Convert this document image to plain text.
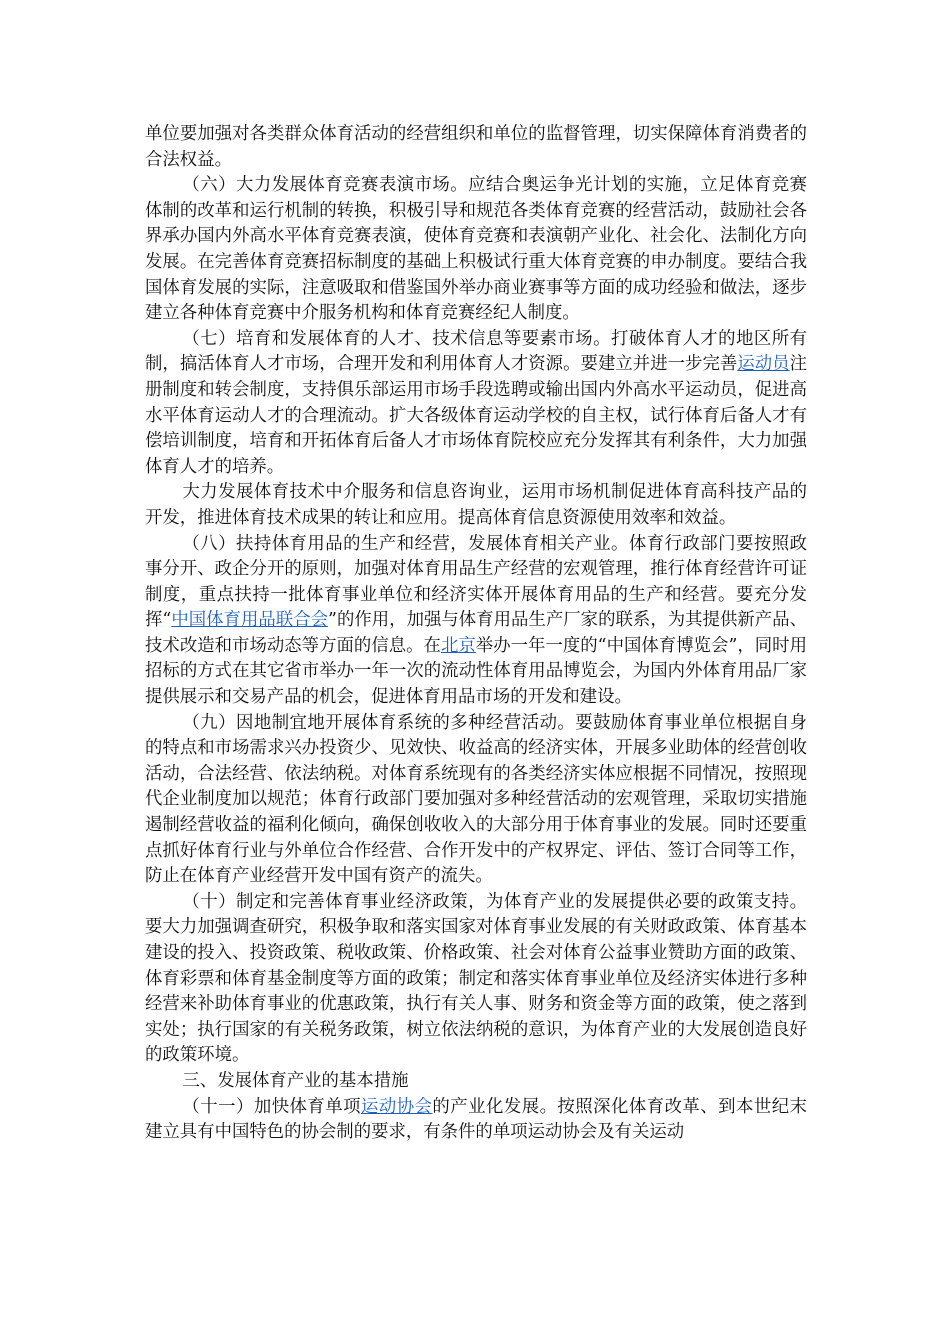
单位要加强对各类群众体育活动的经营组织和单位的监督管理，切实保障体育消费者的合法权益。

（六）大力发展体育竞赛表演市场。应结合奥运争光计划的实施，立足体育竞赛体制的改革和运行机制的转换，积极引导和规范各类体育竞赛的经营活动，鼓励社会各界承办国内外高水平体育竞赛表演，使体育竞赛和表演朝产业化、社会化、法制化方向发展。在完善体育竞赛招标制度的基础上积极试行重大体育竞赛的申办制度。要结合我国体育发展的实际，注意吸取和借鉴国外举办商业赛事等方面的成功经验和做法，逐步建立各种体育竞赛中介服务机构和体育竞赛经纪人制度。

（七）培育和发展体育的人才、技术信息等要素市场。打破体育人才的地区所有制，搞活体育人才市场，合理开发和利用体育人才资源。要建立并进一步完善运动员注册制度和转会制度，支持俱乐部运用市场手段选聘或输出国内外高水平运动员，促进高水平体育运动人才的合理流动。扩大各级体育运动学校的自主权，试行体育后备人才有偿培训制度，培育和开拓体育后备人才市场体育院校应充分发挥其有利条件，大力加强体育人才的培养。

大力发展体育技术中介服务和信息咨询业，运用市场机制促进体育高科技产品的开发，推进体育技术成果的转让和应用。提高体育信息资源使用效率和效益。

（八）扶持体育用品的生产和经营，发展体育相关产业。体育行政部门要按照政事分开、政企分开的原则，加强对体育用品生产经营的宏观管理，推行体育经营许可证制度，重点扶持一批体育事业单位和经济实体开展体育用品的生产和经营。要充分发挥“中国体育用品联合会”的作用，加强与体育用品生产厂家的联系，为其提供新产品、技术改造和市场动态等方面的信息。在北京举办一年一度的“中国体育博览会”，同时用招标的方式在其它省市举办一年一次的流动性体育用品博览会，为国内外体育用品厂家提供展示和交易产品的机会，促进体育用品市场的开发和建设。

（九）因地制宜地开展体育系统的多种经营活动。要鼓励体育事业单位根据自身的特点和市场需求兴办投资少、见效快、收益高的经济实体，开展多业助体的经营创收活动，合法经营、依法纳税。对体育系统现有的各类经济实体应根据不同情况，按照现代企业制度加以规范；体育行政部门要加强对多种经营活动的宏观管理，采取切实措施遏制经营收益的福利化倾向，确保创收收入的大部分用于体育事业的发展。同时还要重点抓好体育行业与外单位合作经营、合作开发中的产权界定、评估、签订合同等工作，防止在体育产业经营开发中国有资产的流失。

（十）制定和完善体育事业经济政策，为体育产业的发展提供必要的政策支持。要大力加强调查研究，积极争取和落实国家对体育事业发展的有关财政政策、体育基本建设的投入、投资政策、税收政策、价格政策、社会对体育公益事业赞助方面的政策、体育彩票和体育基金制度等方面的政策；制定和落实体育事业单位及经济实体进行多种经营来补助体育事业的优惠政策，执行有关人事、财务和资金等方面的政策，使之落到实处；执行国家的有关税务政策，树立依法纳税的意识，为体育产业的大发展创造良好的政策环境。

三、发展体育产业的基本措施

（十一）加快体育单项运动协会的产业化发展。按照深化体育改革、到本世纪末建立具有中国特色的协会制的要求，有条件的单项运动协会及有关运动
